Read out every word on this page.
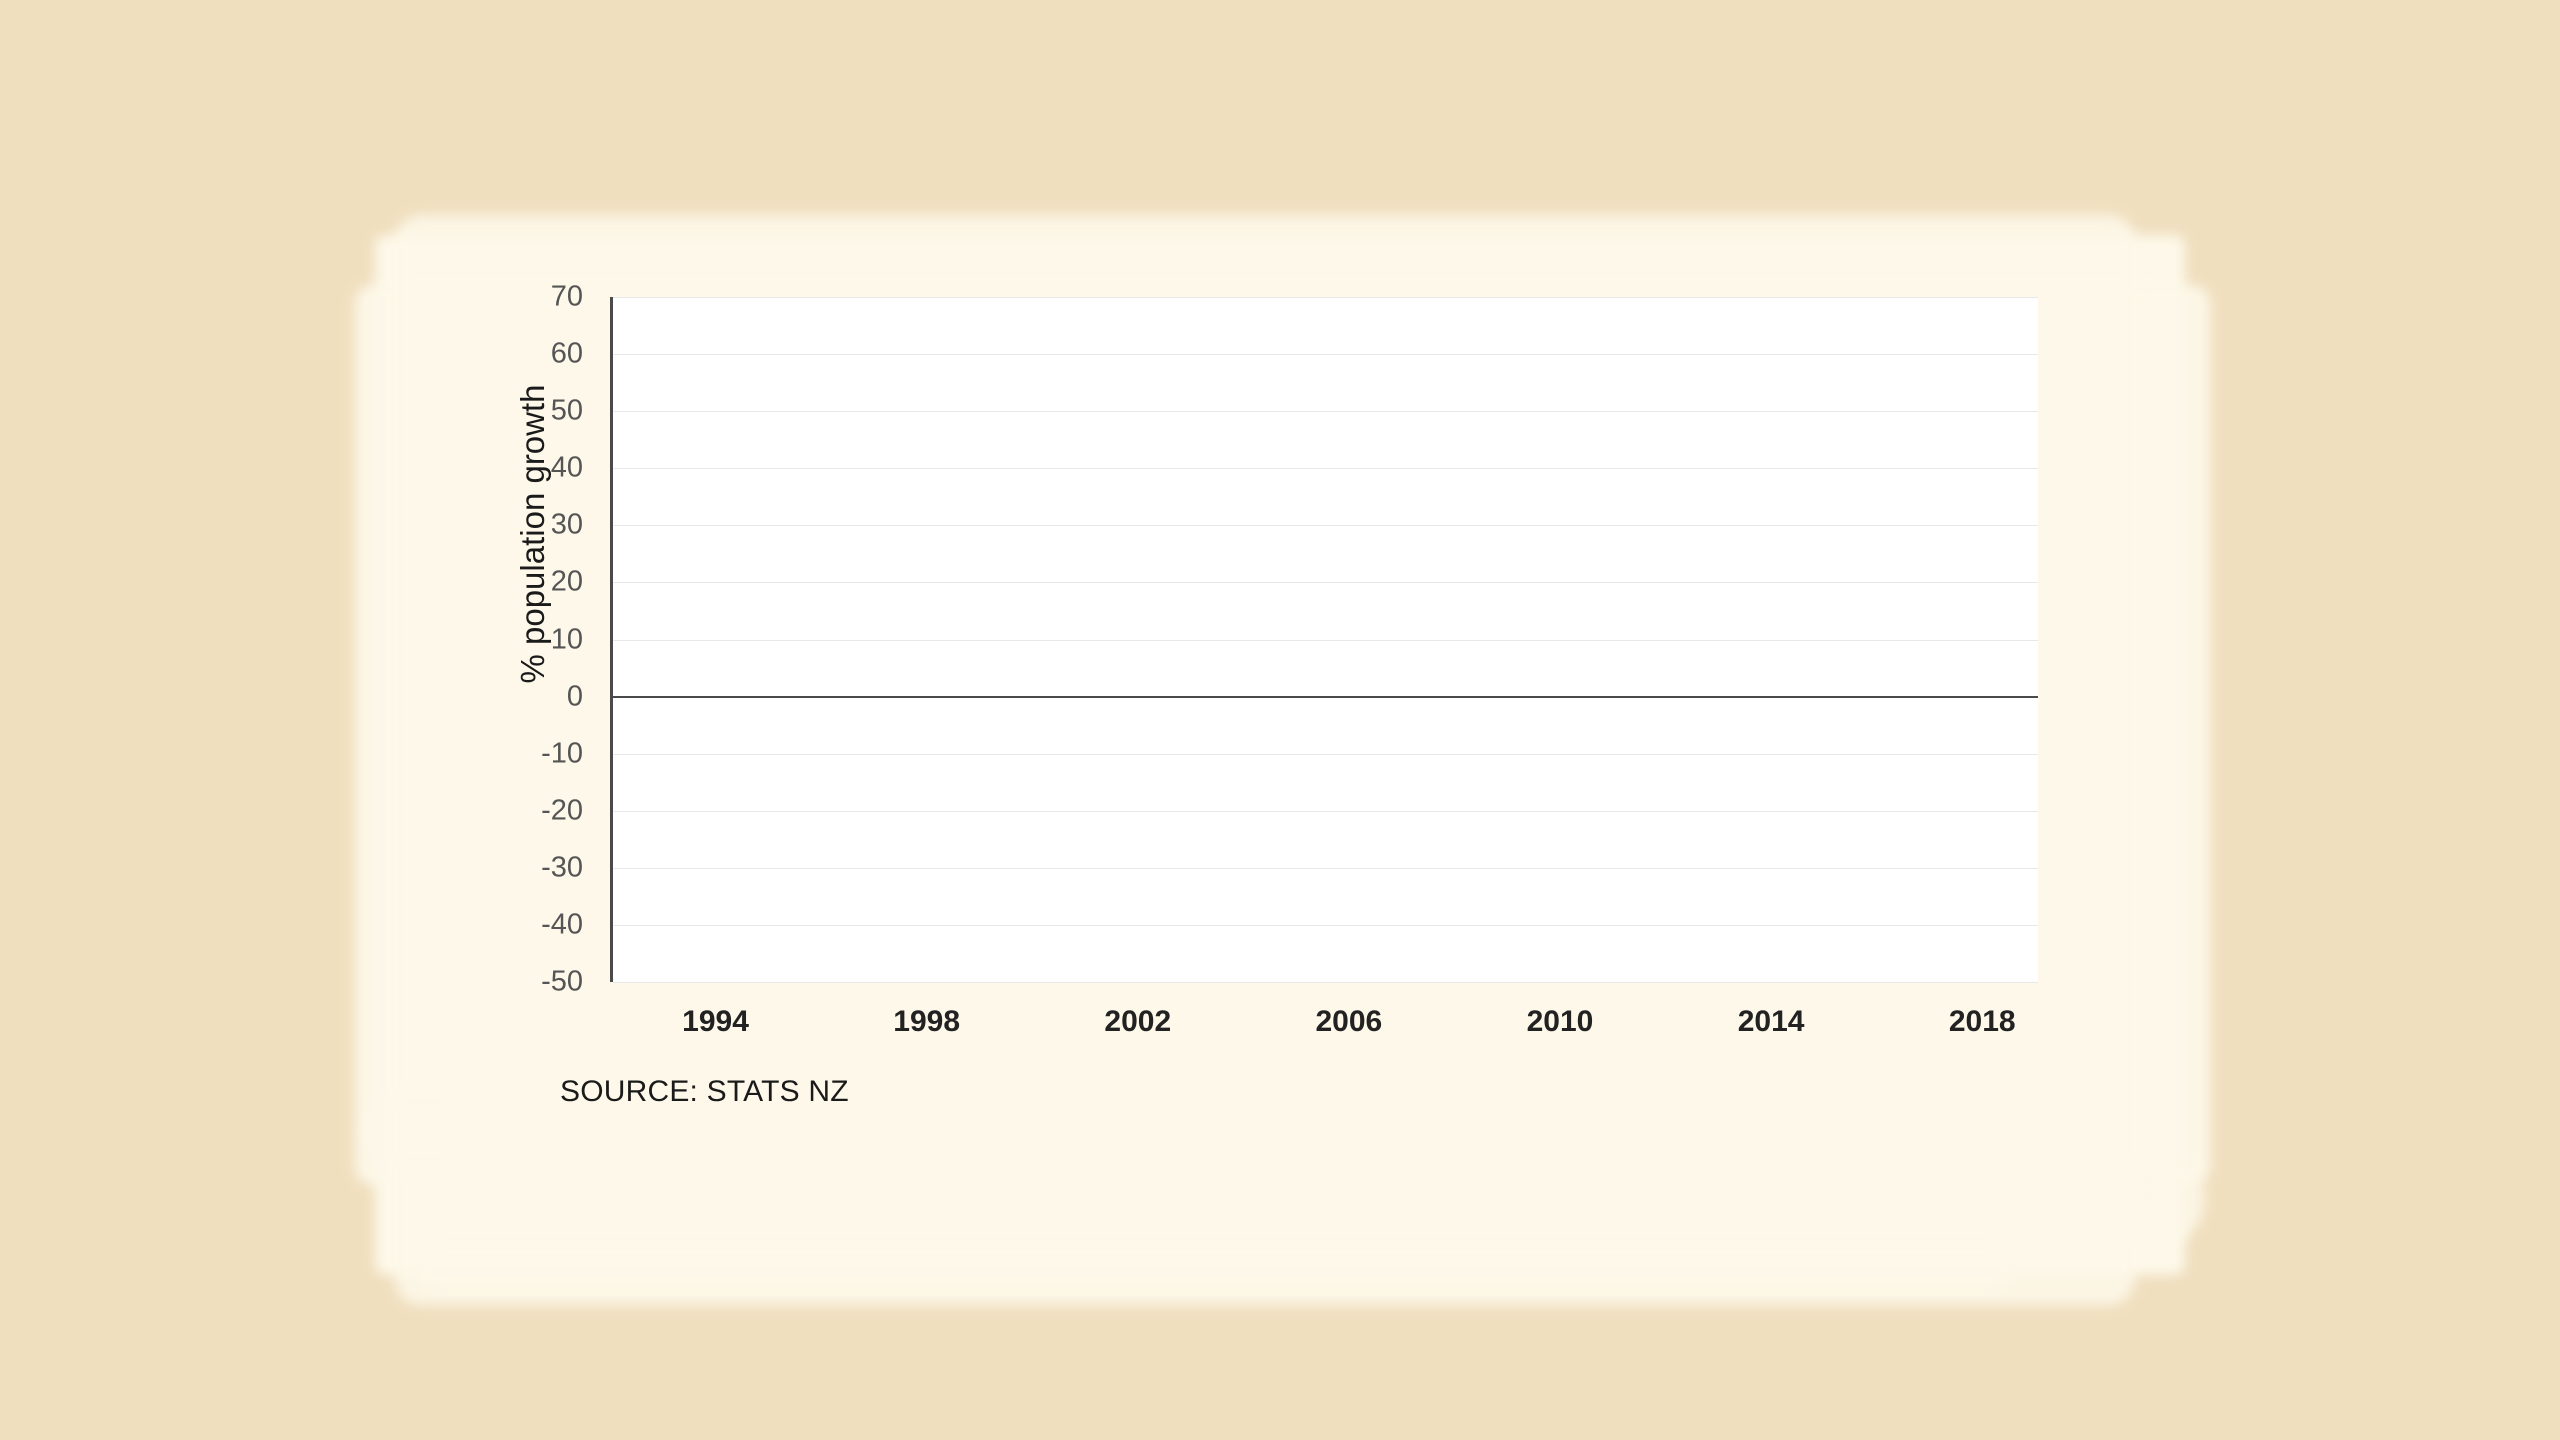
% population growth
70
60
50
40
30
20
10
0
-10
-20
-30
-40
-50
1994	1998	2002	2006	2010	2014	2018
SOURCE: STATS NZ
